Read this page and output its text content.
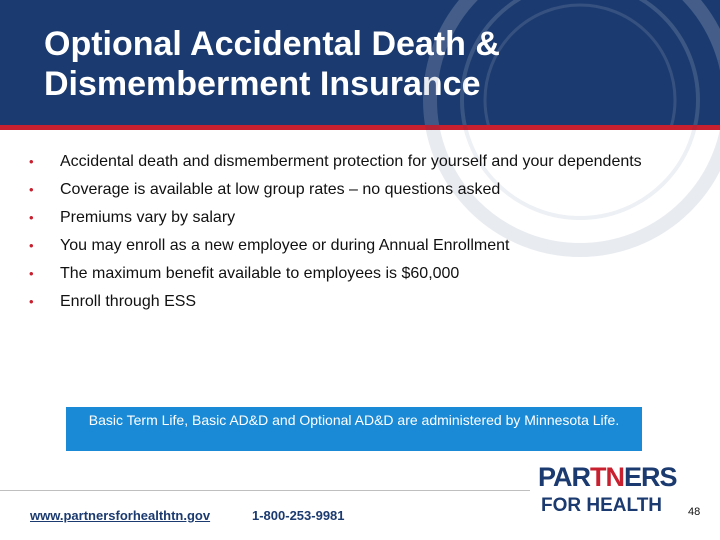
Optional Accidental Death & Dismemberment Insurance
• Accidental death and dismemberment protection for yourself and your dependents
• Coverage is available at low group rates – no questions asked
• Premiums vary by salary
• You may enroll as a new employee or during Annual Enrollment
• The maximum benefit available to employees is $60,000
• Enroll through ESS
Basic Term Life, Basic AD&D and Optional AD&D are administered by Minnesota Life.
www.partnersforhealthtn.gov	1-800-253-9981
PARTNERS
FOR HEALTH 48
